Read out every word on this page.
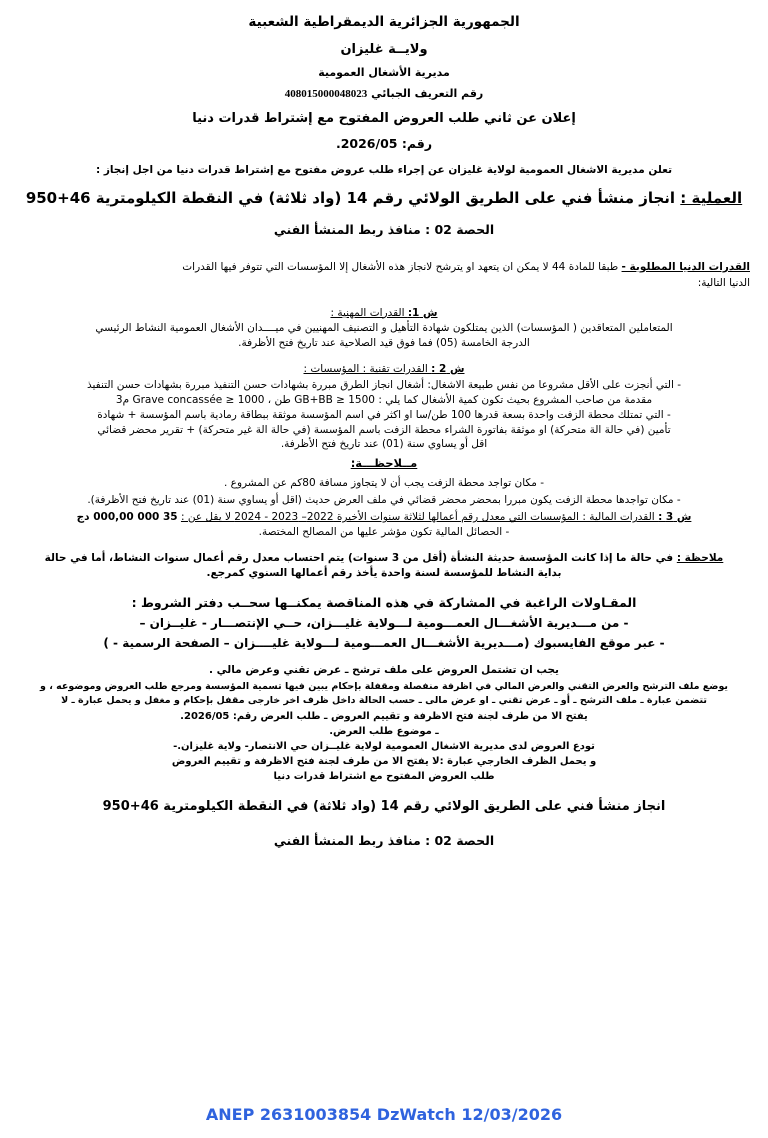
الجمهورية الجزائرية الديمقراطية الشعبية

ولايــة غليزان

مديرية الأشغال العمومية

رقم التعريف الجبائي 408015000048023

إعلان عن ثاني طلب العروض المفتوح مع إشتراط قدرات دنيا

رقم: 2026/05.

تعلن مديرية الاشغال العمومية لولاية غليزان عن إجراء طلب عروض مفتوح مع إشتراط قدرات دنيا من اجل إنجاز :

العملية : انجاز منشأ فني على الطريق الولائي رقم 14 (واد ثلاثة) في النقطة الكيلومترية 46+950

الحصة 02 : منافذ ربط المنشأ الفني

القدرات الدنيا المطلوبة - طبقا للمادة 44 لا يمكن ان يتعهد او يترشح لانجاز هذه الأشغال إلا المؤسسات التي تتوفر فيها القدرات

الدنيا التالية:

ش 1: القدرات المهنية :

المتعاملين المتعاقدين ( المؤسسات) الذين يمتلكون شهادة التأهيل و التصنيف المهنيين في ميــــدان الأشغال العمومية النشاط الرئيسي

الدرجة الخامسة (05) فما فوق قيد الصلاحية عند تاريخ فتح الأظرفة.

ش 2 : القدرات تقنية : المؤسسات :

- التي أنجزت على الأقل مشروعا من نفس طبيعة الاشغال: أشغال انجاز الطرق مبررة بشهادات حسن التنفيذ مبررة بشهادات حسن التنفيذ

مقدمة من صاحب المشروع بحيث تكون كمية الأشغال كما يلي : GB+BB ≥ 1500 طن ، Grave concassée ≥ 1000 م3

- التي تمتلك محطة الزفت واحدة بسعة قدرها 100 طن/سا او اكثر في اسم المؤسسة موثقة ببطاقة رمادية باسم المؤسسة + شهادة

تأمين (في حالة الة متحركة) او موثقة بفاتورة الشراء محطة الزفت باسم المؤسسة (في حالة الة غير متحركة) + تقرير محضر قضائي

اقل أو يساوي سنة (01) عند تاريخ فتح الأظرفة.

مــلاحظـــة:

- مكان تواجد محطة الزفت يجب أن لا يتجاوز مسافة 80كم عن المشروع .

- مكان تواجدها محطة الزفت يكون مبررا بمحضر محضر قضائي في ملف العرض حديث (اقل أو يساوي سنة (01) عند تاريخ فتح الأظرفة).

ش 3 : القدرات المالية : المؤسسات التي معدل رقم أعمالها لثلاثة سنوات الأخيرة 2022– 2023 - 2024 لا يقل عن : 35 000 000,00 دج

- الحصائل المالية تكون مؤشر عليها من المصالح المختصة.

ملاحظة : في حالة ما إذا كانت المؤسسة حديثة النشأة (أقل من 3 سنوات) يتم احتساب معدل رقم أعمال سنوات النشاط، أما في حالة

بداية النشاط للمؤسسة لسنة واحدة يأخذ رقم أعمالها السنوي كمرجع.

المقـاولات الراغبة في المشاركة في هذه المناقصة يمكنــها سحــب دفتر الشروط :

- من مـــديرية الأشغـــال العمـــومية لـــولاية غليـــزان، حــي الإنتصـــار - غليــزان –

- عبر موقع الفايسبوك (مـــديرية الأشغـــال العمـــومية لـــولاية غليــــزان – الصفحة الرسمية - )

يجب ان تشتمل العروض على ملف ترشح ـ عرض تقني وعرض مالي .

يوضع ملف الترشح والعرض التقني والعرض المالي في اظرفة منفصلة ومقفلة بإحكام يبين فيها تسمية المؤسسة ومرجع طلب العروض وموضوعه ، و

تتضمن عبارة ـ ملف الترشح ـ أو ـ عرض تقني ـ او عرض مالى ـ حسب الحالة داخل ظرف اخر خارجى مقفل بإحكام و مغفل و يحمل عبارة ـ لا

يفتح الا من طرف لجنة فتح الاظرفة و تقييم العروض ـ طلب العرض رقم: 2026/05.

ـ موضوع طلب العرض.

تودع العروض لدى مديرية الاشغال العمومية لولاية غليــزان حي الانتصار- ولاية غليزان.-

و يحمل الظرف الخارجي عبارة :لا يفتح الا من طرف لجنة فتح الاظرفة و تقييم العروض

طلب العروض المفتوح مع اشتراط قدرات دنيا

انجاز منشأ فني على الطريق الولائي رقم 14 (واد ثلاثة) في النقطة الكيلومترية 46+950

الحصة 02 : منافذ ربط المنشأ الفني

ANEP 2631003854 DzWatch 12/03/2026
